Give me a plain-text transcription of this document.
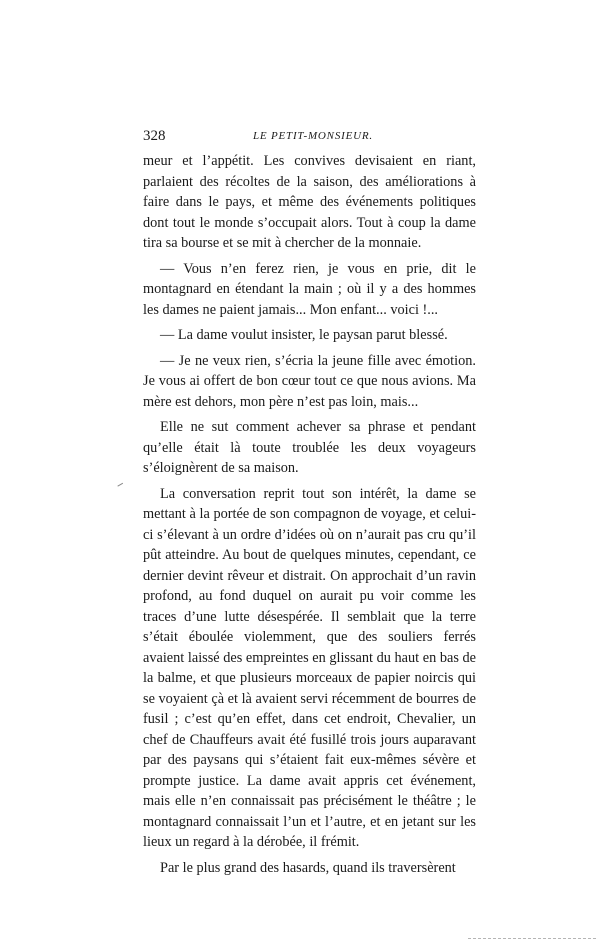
328	LE PETIT-MONSIEUR.

meur et l’appétit. Les convives devisaient en riant, parlaient des récoltes de la saison, des améliorations à faire dans le pays, et même des événements politiques dont tout le monde s’occupait alors. Tout à coup la dame tira sa bourse et se mit à chercher de la monnaie.

— Vous n’en ferez rien, je vous en prie, dit le montagnard en étendant la main ; où il y a des hommes les dames ne paient jamais... Mon enfant... voici !...

— La dame voulut insister, le paysan parut blessé.

— Je ne veux rien, s’écria la jeune fille avec émotion. Je vous ai offert de bon cœur tout ce que nous avions. Ma mère est dehors, mon père n’est pas loin, mais...

Elle ne sut comment achever sa phrase et pendant qu’elle était là toute troublée les deux voyageurs s’éloignèrent de sa maison.

La conversation reprit tout son intérêt, la dame se mettant à la portée de son compagnon de voyage, et celui-ci s’élevant à un ordre d’idées où on n’aurait pas cru qu’il pût atteindre. Au bout de quelques minutes, cependant, ce dernier devint rêveur et distrait. On approchait d’un ravin profond, au fond duquel on aurait pu voir comme les traces d’une lutte désespérée. Il semblait que la terre s’était éboulée violemment, que des souliers ferrés avaient laissé des empreintes en glissant du haut en bas de la balme, et que plusieurs morceaux de papier noircis qui se voyaient çà et là avaient servi récemment de bourres de fusil ; c’est qu’en effet, dans cet endroit, Chevalier, un chef de Chauffeurs avait été fusillé trois jours auparavant par des paysans qui s’étaient fait eux-mêmes sévère et prompte justice. La dame avait appris cet événement, mais elle n’en connaissait pas précisément le théâtre ; le montagnard connaissait l’un et l’autre, et en jetant sur les lieux un regard à la dérobée, il frémit.

Par le plus grand des hasards, quand ils traversèrent
